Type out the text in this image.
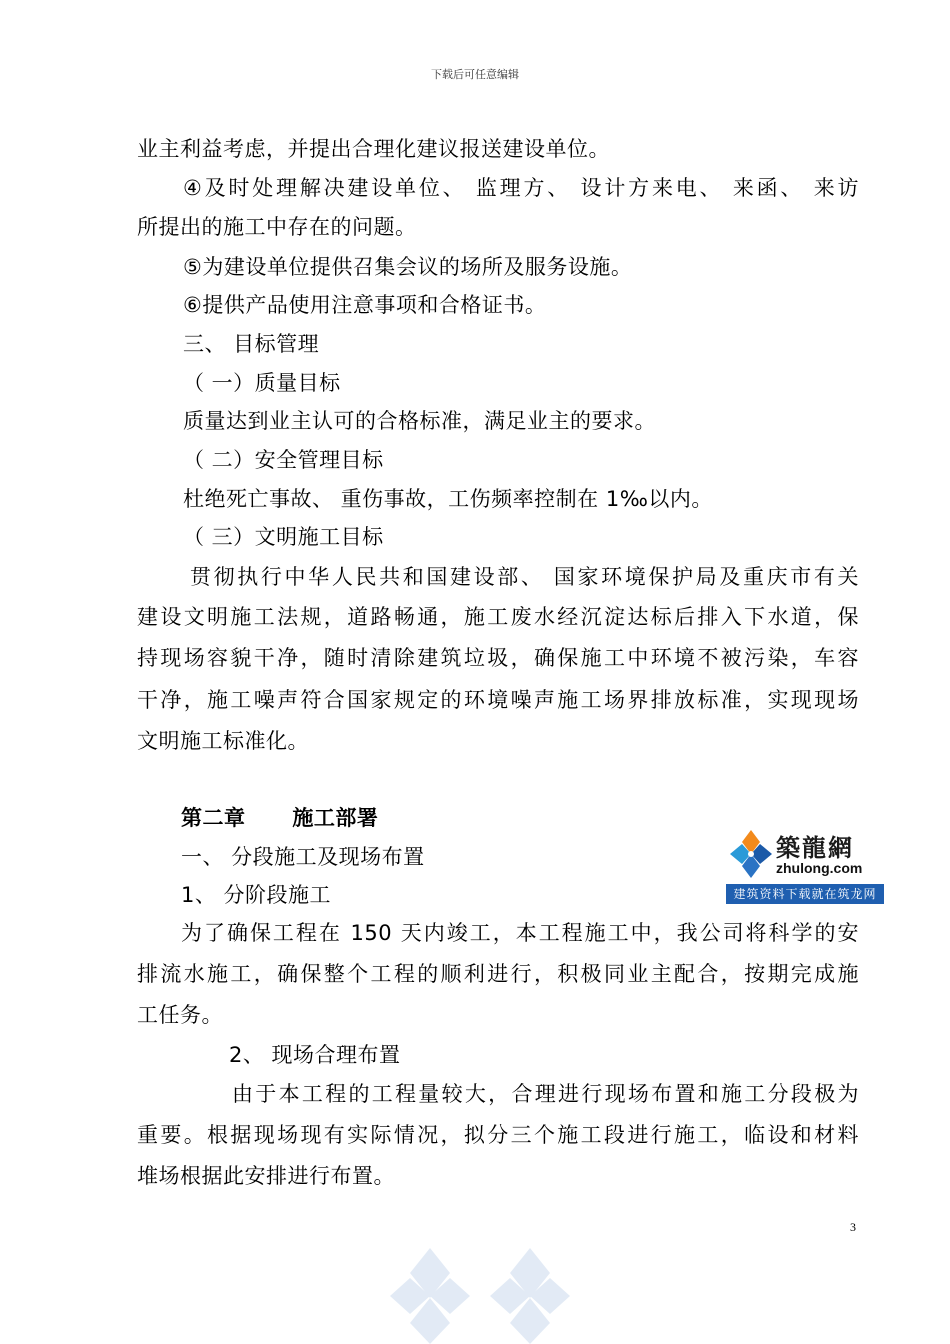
下载后可任意编辑
业主利益考虑，并提出合理化建议报送建设单位。
④及时处理解决建设单位、 监理方、 设计方来电、 来函、 来访
所提出的施工中存在的问题。
⑤为建设单位提供召集会议的场所及服务设施。
⑥提供产品使用注意事项和合格证书。
三、 目标管理
（ 一）质量目标
质量达到业主认可的合格标准，满足业主的要求。
（ 二）安全管理目标
杜绝死亡事故、 重伤事故，工伤频率控制在 1‰以内。
（ 三）文明施工目标
贯彻执行中华人民共和国建设部、 国家环境保护局及重庆市有关
建设文明施工法规，道路畅通，施工废水经沉淀达标后排入下水道，保
持现场容貌干净，随时清除建筑垃圾，确保施工中环境不被污染，车容
干净，施工噪声符合国家规定的环境噪声施工场界排放标准，实现现场
文明施工标准化。
第二章      施工部署
一、 分段施工及现场布置
1、 分阶段施工
为了确保工程在 150 天内竣工，本工程施工中，我公司将科学的安
排流水施工，确保整个工程的顺利进行，积极同业主配合，按期完成施
工任务。
2、 现场合理布置
由于本工程的工程量较大，合理进行现场布置和施工分段极为
重要。根据现场现有实际情况，拟分三个施工段进行施工，临设和材料
堆场根据此安排进行布置。
築龍網
zhulong.com
建筑资料下载就在筑龙网
3
